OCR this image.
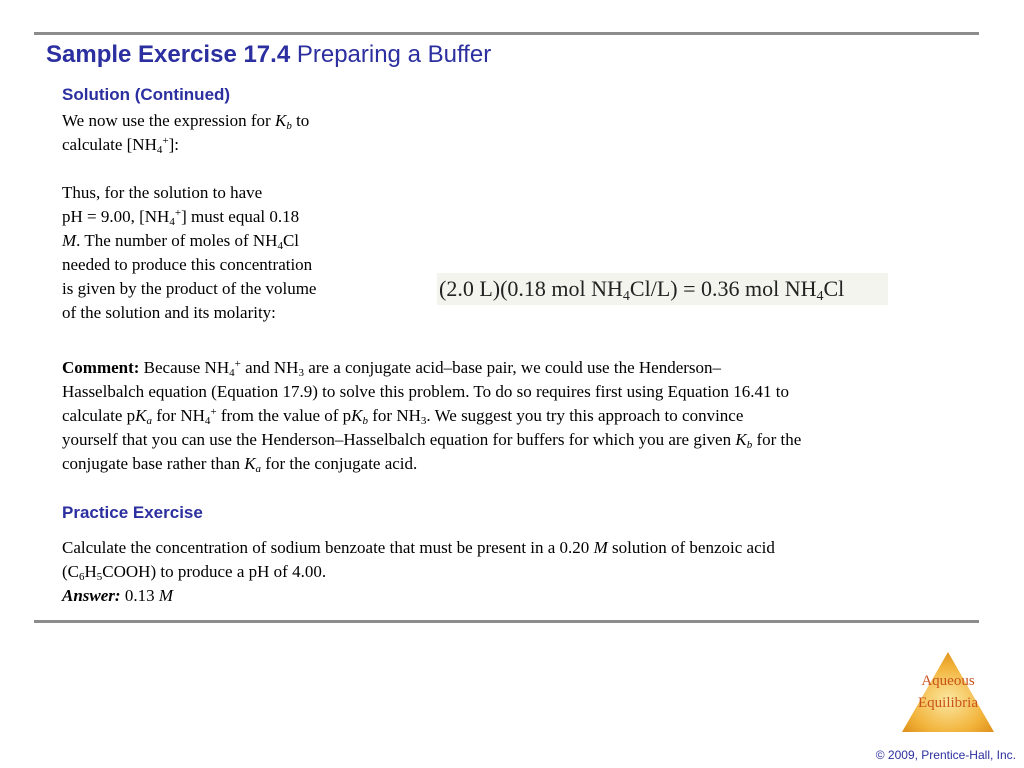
Sample Exercise 17.4 Preparing a Buffer
Solution (Continued)

We now use the expression for $K_b$ to
calculate $[NH_4^+]$:

Thus, for the solution to have
pH = 9.00, $[NH_4^+]$ must equal 0.18
M. The number of moles of $NH_4Cl$
needed to produce this concentration
is given by the product of the volume
of the solution and its molarity:

(2.0 L)(0.18 mol $NH_4Cl/L) = 0.36$ mol $NH_4Cl$

Comment: Because $NH_4^+$ and $NH_3$ are a conjugate acid–base pair, we could use the Henderson–
Hasselbalch equation (Equation 17.9) to solve this problem. To do so requires first using Equation 16.41 to
calculate $pK_a$ for $NH_4^+$ from the value of $pK_b$ for $NH_3$. We suggest you try this approach to convince
yourself that you can use the Henderson–Hasselbalch equation for buffers for which you are given $K_b$ for the
conjugate base rather than $K_a$ for the conjugate acid.

Practice Exercise

Calculate the concentration of sodium benzoate that must be present in a 0.20 M solution of benzoic acid
$(C_6H_5COOH)$ to produce a pH of 4.00.
Answer: 0.13 M

Aqueous
Equilibria
© 2009, Prentice-Hall, Inc.
